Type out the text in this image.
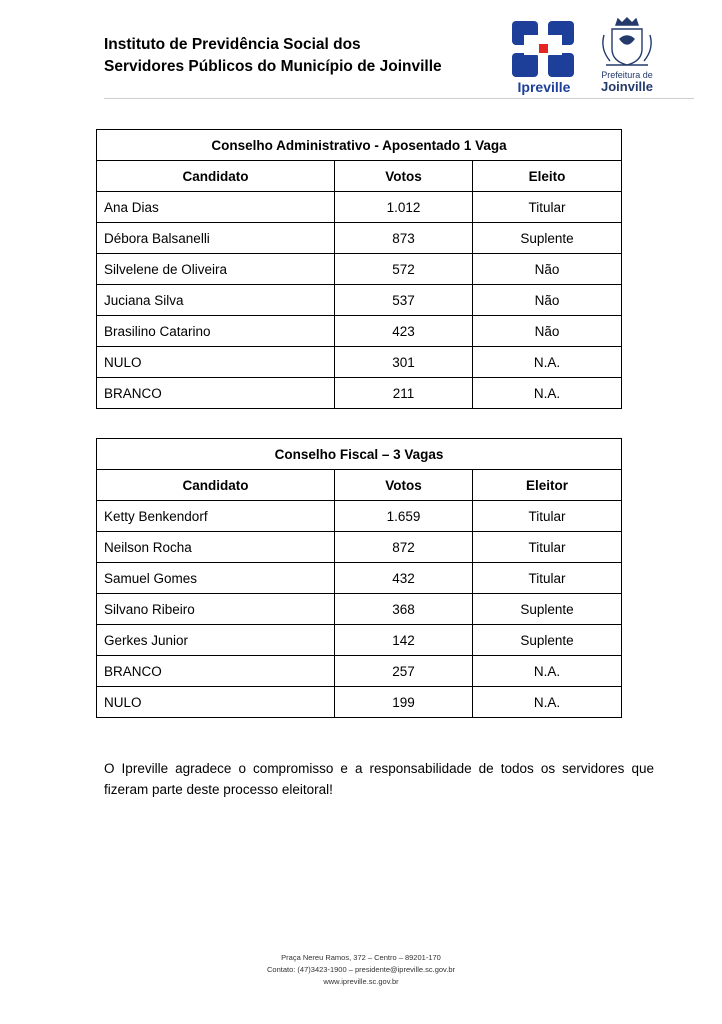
Instituto de Previdência Social dos
Servidores Públicos do Município de Joinville
Ipreville
Prefeitura de
Joinville
Conselho Administrativo - Aposentado 1 Vaga		
Candidato	Votos	Eleito
Ana Dias	1.012	Titular
Débora Balsanelli	873	Suplente
Silvelene de Oliveira	572	Não
Juciana Silva	537	Não
Brasilino Catarino	423	Não
NULO	301	N.A.
BRANCO	211	N.A.
Conselho Fiscal – 3 Vagas		
Candidato	Votos	Eleitor
Ketty Benkendorf	1.659	Titular
Neilson Rocha	872	Titular
Samuel Gomes	432	Titular
Silvano Ribeiro	368	Suplente
Gerkes Junior	142	Suplente
BRANCO	257	N.A.
NULO	199	N.A.

O Ipreville agradece o compromisso e a responsabilidade de todos os servidores que fizeram parte deste processo eleitoral!

Praça Nereu Ramos, 372 – Centro – 89201-170
Contato: (47)3423-1900 – presidente@ipreville.sc.gov.br
www.ipreville.sc.gov.br
